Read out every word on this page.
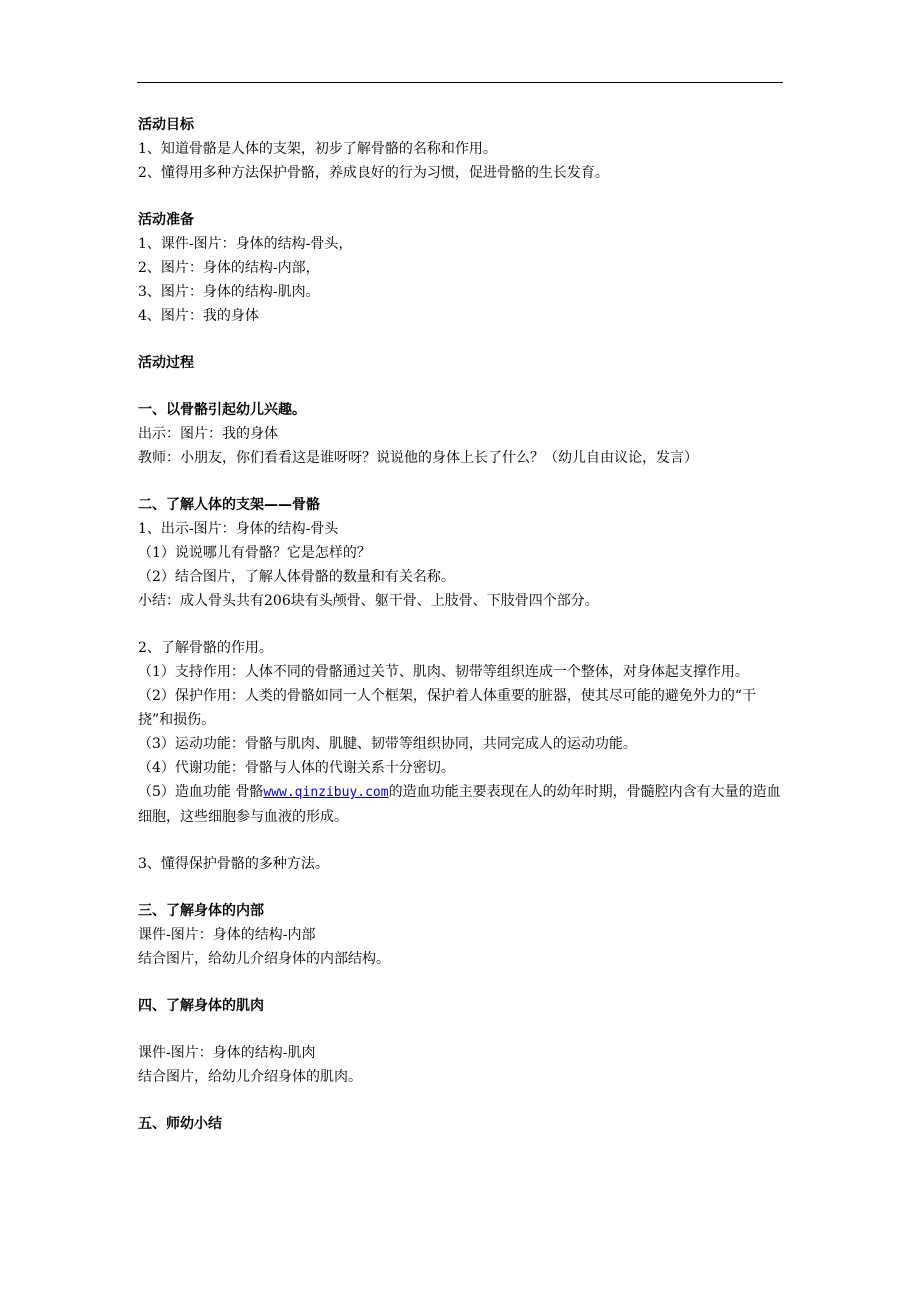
活动目标
1、知道骨骼是人体的支架，初步了解骨骼的名称和作用。
2、懂得用多种方法保护骨骼，养成良好的行为习惯，促进骨骼的生长发育。
活动准备
1、课件-图片：身体的结构-骨头，
2、图片：身体的结构-内部，
3、图片：身体的结构-肌肉。
4、图片：我的身体
活动过程
一、以骨骼引起幼儿兴趣。
出示：图片：我的身体
教师：小朋友，你们看看这是谁呀呀？说说他的身体上长了什么？（幼儿自由议论，发言）
二、了解人体的支架——骨骼
1、出示-图片：身体的结构-骨头
（1）说说哪儿有骨骼？它是怎样的？
（2）结合图片，了解人体骨骼的数量和有关名称。
小结：成人骨头共有206块有头颅骨、躯干骨、上肢骨、下肢骨四个部分。
2、了解骨骼的作用。
（1）支持作用：人体不同的骨骼通过关节、肌肉、韧带等组织连成一个整体，对身体起支撑作用。
（2）保护作用：人类的骨骼如同一人个框架，保护着人体重要的脏器，使其尽可能的避免外力的“干挠”和损伤。
（3）运动功能：骨骼与肌肉、肌腱、韧带等组织协同，共同完成人的运动功能。
（4）代谢功能：骨骼与人体的代谢关系十分密切。
（5）造血功能 骨骼www.qinzibuy.com的造血功能主要表现在人的幼年时期，骨髓腔内含有大量的造血细胞，这些细胞参与血液的形成。
3、懂得保护骨骼的多种方法。
三、了解身体的内部
课件-图片：身体的结构-内部
结合图片，给幼儿介绍身体的内部结构。
四、了解身体的肌肉
课件-图片：身体的结构-肌肉
结合图片，给幼儿介绍身体的肌肉。
五、师幼小结
